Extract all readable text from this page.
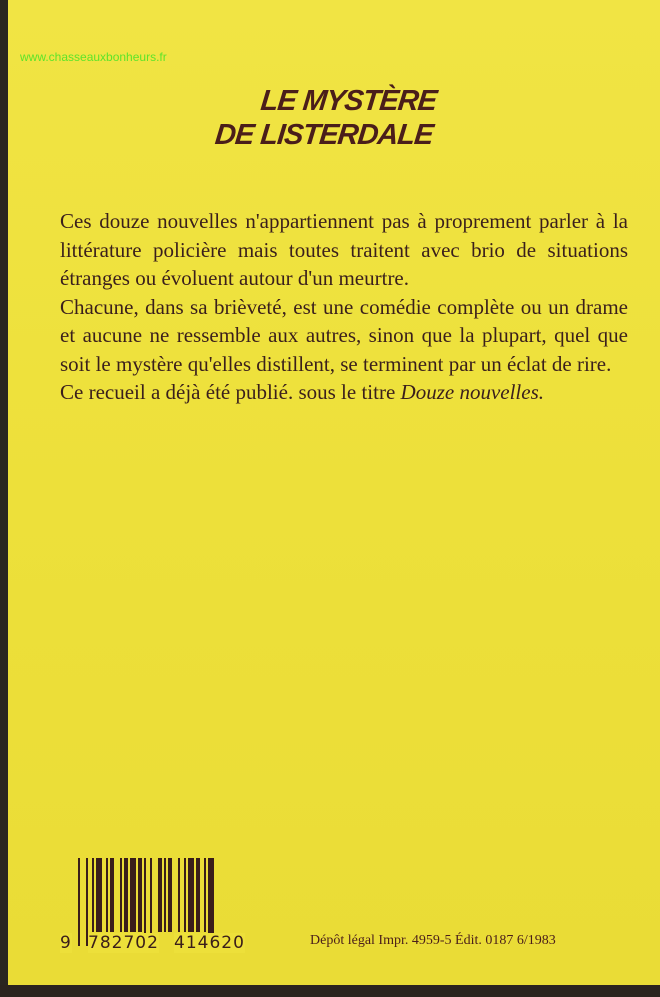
www.chasseauxbonheurs.fr
LE MYSTÈRE
DE LISTERDALE

Ces douze nouvelles n'appartiennent pas à proprement parler à la littérature policière mais toutes traitent avec brio de situations étranges ou évoluent autour d'un meurtre.

Chacune, dans sa brièveté, est une comédie complète ou un drame et aucune ne ressemble aux autres, sinon que la plupart, quel que soit le mystère qu'elles distillent, se terminent par un éclat de rire.

Ce recueil a déjà été publié. sous le titre Douze nouvelles.

9 782702 414620	Dépôt légal Impr. 4959-5 Édit. 0187 6/1983
